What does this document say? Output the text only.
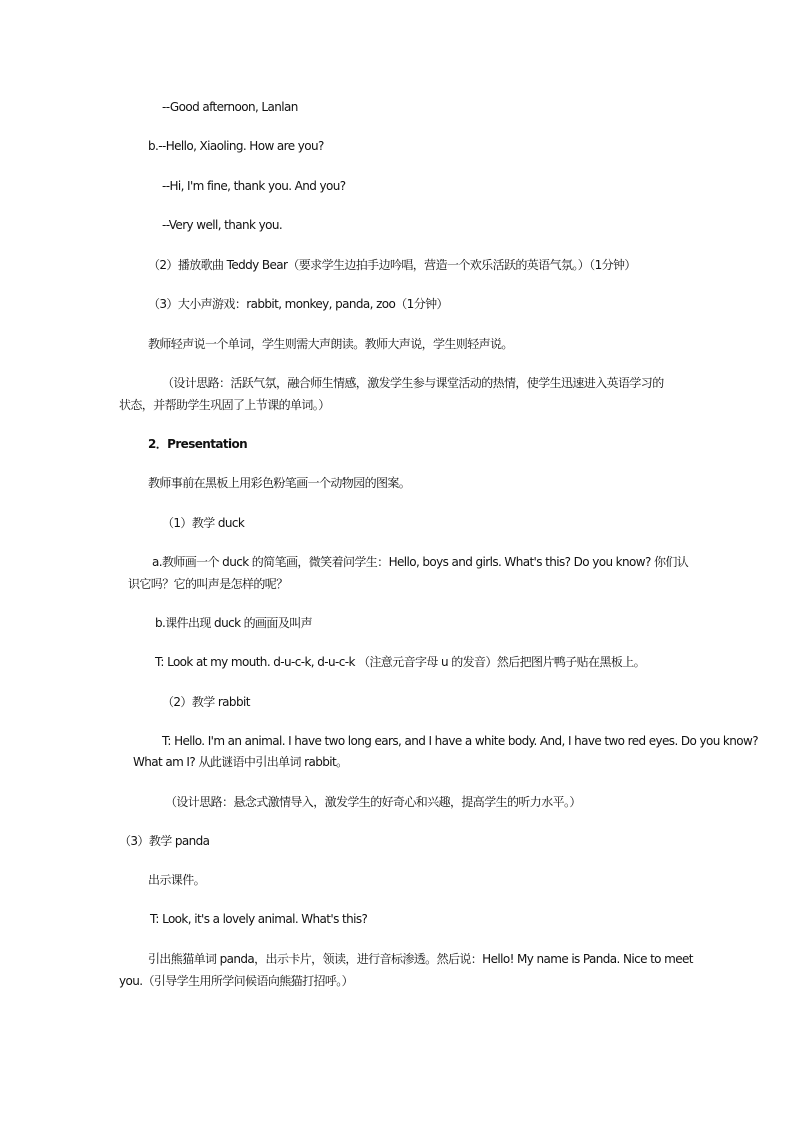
--Good afternoon, Lanlan
b.--Hello, Xiaoling. How are you?
--Hi, I'm fine, thank you. And you?
--Very well, thank you.
（2）播放歌曲 Teddy Bear（要求学生边拍手边吟唱，营造一个欢乐活跃的英语气氛。）（1分钟）
（3）大小声游戏：rabbit, monkey, panda, zoo（1分钟）
教师轻声说一个单词，学生则需大声朗读。教师大声说，学生则轻声说。
（设计思路：活跃气氛，融合师生情感，激发学生参与课堂活动的热情，使学生迅速进入英语学习的
状态，并帮助学生巩固了上节课的单词。）
2．Presentation
教师事前在黑板上用彩色粉笔画一个动物园的图案。
（1）教学 duck
a.教师画一个 duck 的简笔画，微笑着问学生：Hello, boys and girls. What's this? Do you know? 你们认
识它吗？它的叫声是怎样的呢？
b.课件出现 duck 的画面及叫声
T: Look at my mouth. d-u-c-k, d-u-c-k （注意元音字母 u 的发音）然后把图片鸭子贴在黑板上。
（2）教学 rabbit
T: Hello. I'm an animal. I have two long ears, and I have a white body. And, I have two red eyes. Do you know?
What am I? 从此谜语中引出单词 rabbit。
（设计思路：悬念式激情导入，激发学生的好奇心和兴趣，提高学生的听力水平。）
（3）教学 panda
出示课件。
T: Look, it's a lovely animal. What's this?
引出熊猫单词 panda，出示卡片，领读，进行音标渗透。然后说：Hello! My name is Panda. Nice to meet
you.（引导学生用所学问候语向熊猫打招呼。）
